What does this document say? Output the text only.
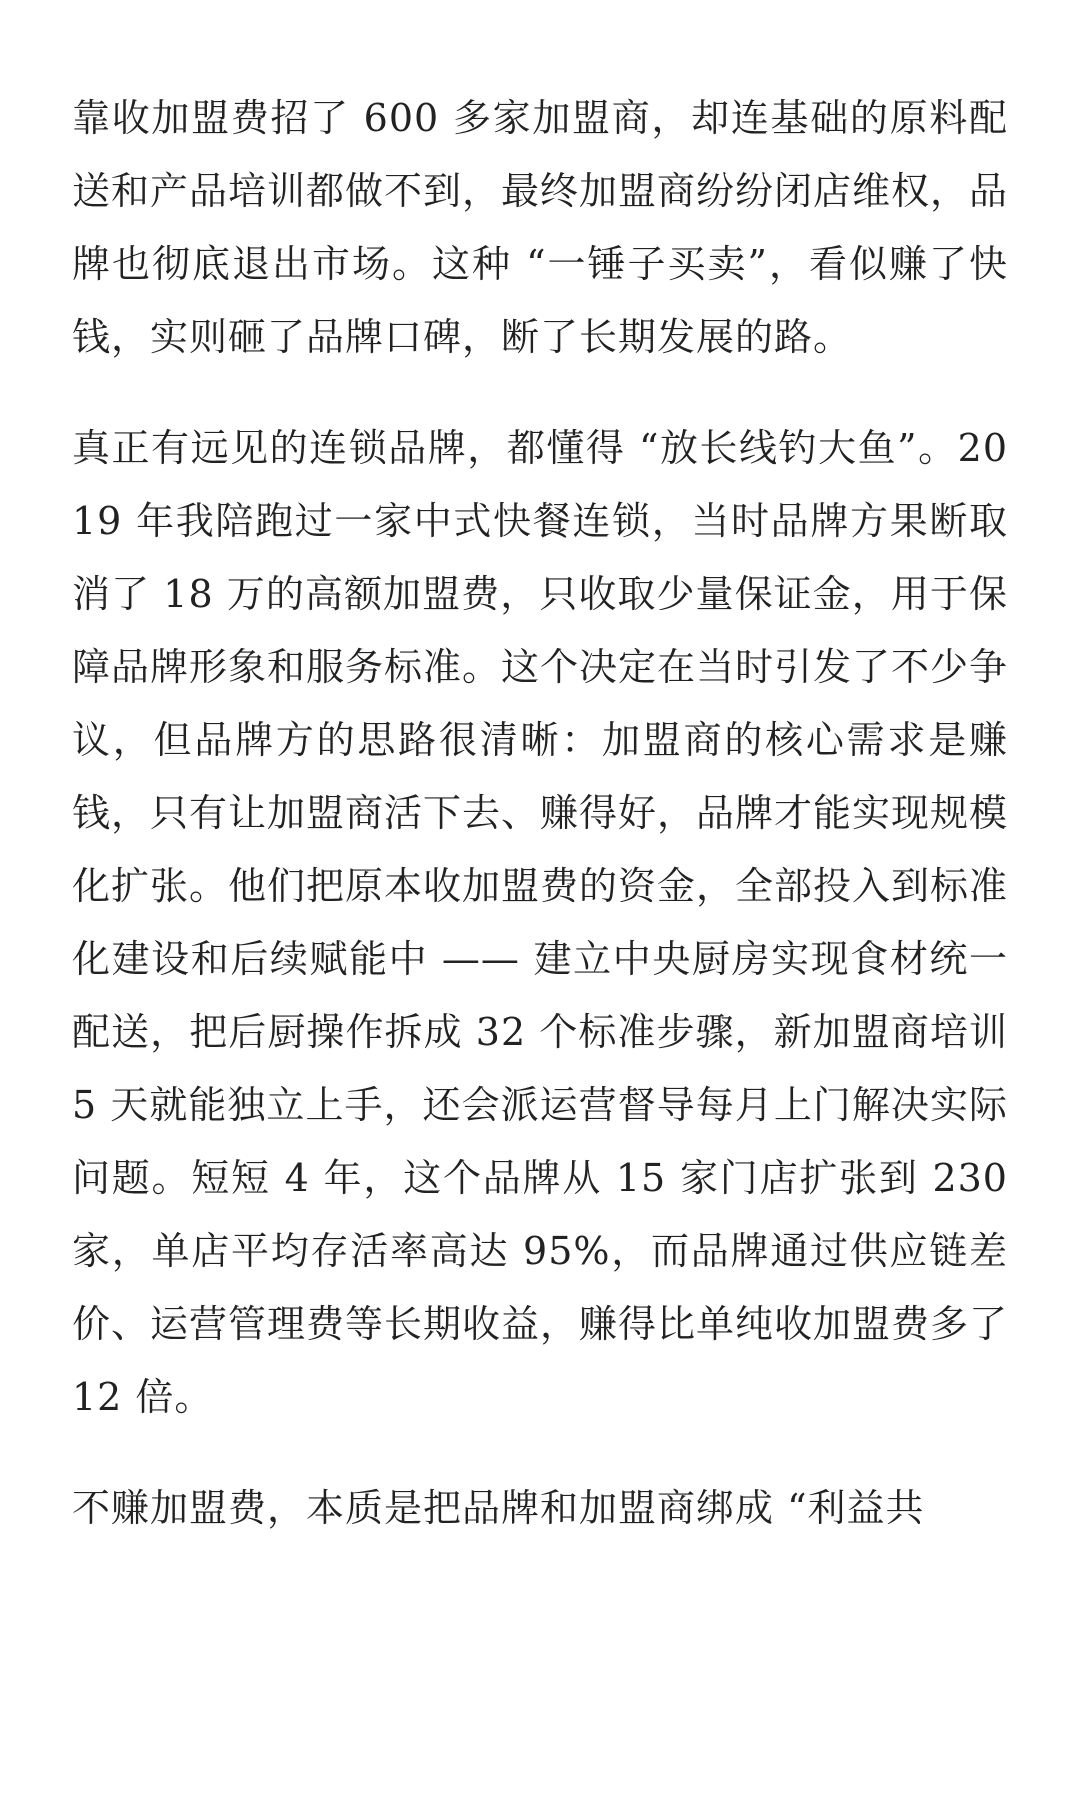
靠收加盟费招了 600 多家加盟商，却连基础的原料配送和产品培训都做不到，最终加盟商纷纷闭店维权，品牌也彻底退出市场。这种 “一锤子买卖”，看似赚了快钱，实则砸了品牌口碑，断了长期发展的路。

真正有远见的连锁品牌，都懂得 “放长线钓大鱼”。2019 年我陪跑过一家中式快餐连锁，当时品牌方果断取消了 18 万的高额加盟费，只收取少量保证金，用于保障品牌形象和服务标准。这个决定在当时引发了不少争议，但品牌方的思路很清晰：加盟商的核心需求是赚钱，只有让加盟商活下去、赚得好，品牌才能实现规模化扩张。他们把原本收加盟费的资金，全部投入到标准化建设和后续赋能中 —— 建立中央厨房实现食材统一配送，把后厨操作拆成 32 个标准步骤，新加盟商培训 5 天就能独立上手，还会派运营督导每月上门解决实际问题。短短 4 年，这个品牌从 15 家门店扩张到 230 家，单店平均存活率高达 95%，而品牌通过供应链差价、运营管理费等长期收益，赚得比单纯收加盟费多了 12 倍。

不赚加盟费，本质是把品牌和加盟商绑成 “利益共
